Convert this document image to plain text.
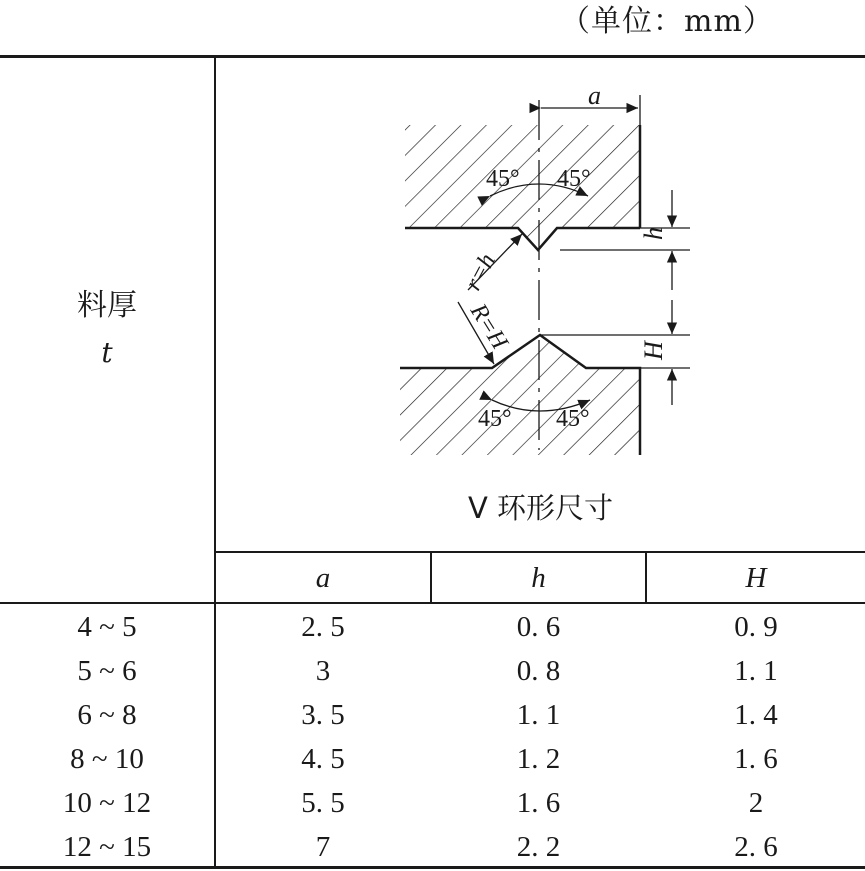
（单位：mm）
料厚
t
a
45° 45°
45° 45°
h
H
r=h
R=H
V 环形尺寸
a	h	H
4 ~ 5	2. 5	0. 6	0. 9
5 ~ 6	3	0. 8	1. 1
6 ~ 8	3. 5	1. 1	1. 4
8 ~ 10	4. 5	1. 2	1. 6
10 ~ 12	5. 5	1. 6	2
12 ~ 15	7	2. 2	2. 6
